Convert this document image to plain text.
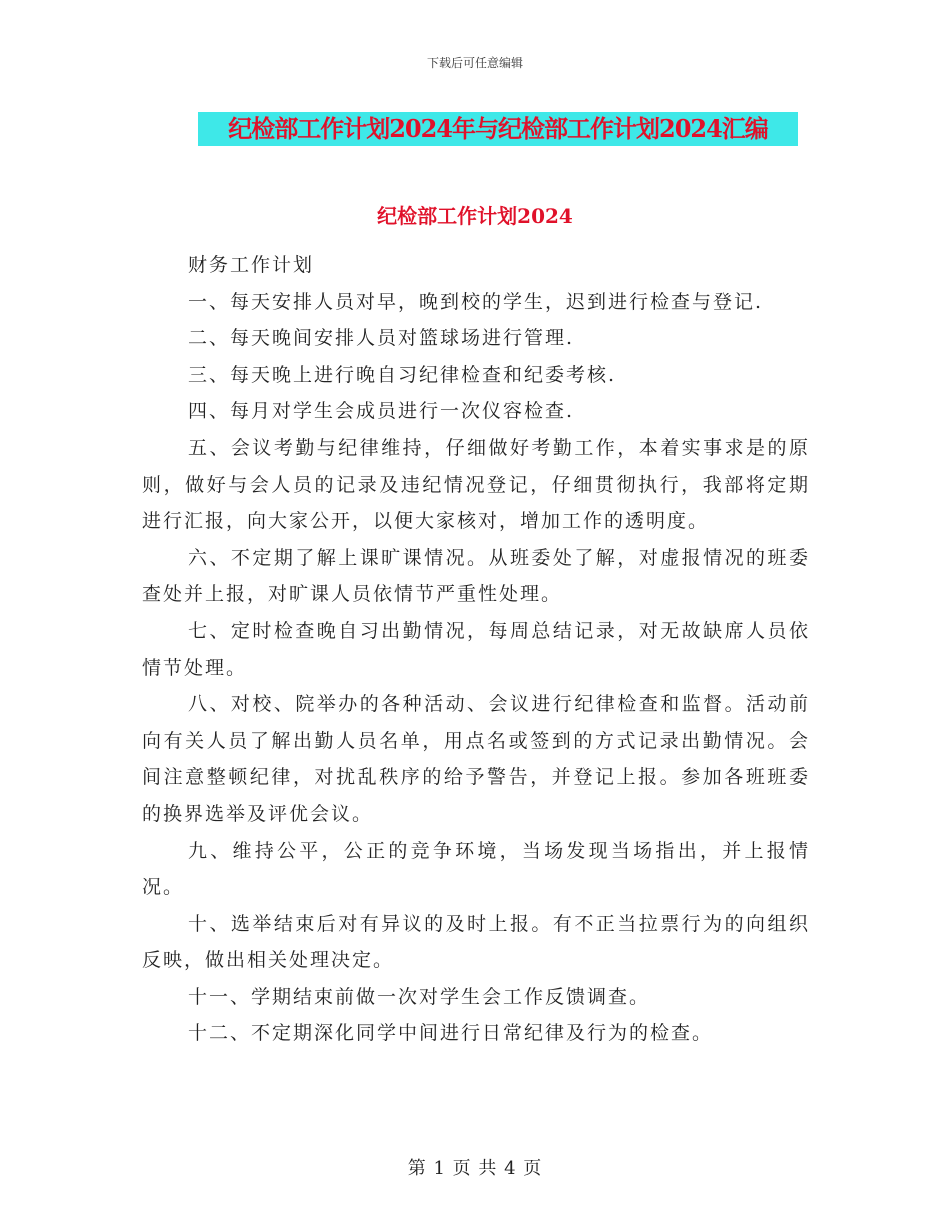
下载后可任意编辑
纪检部工作计划2024年与纪检部工作计划2024汇编
纪检部工作计划2024

财务工作计划

一、每天安排人员对早，晚到校的学生，迟到进行检查与登记.

二、每天晚间安排人员对篮球场进行管理.

三、每天晚上进行晚自习纪律检查和纪委考核.

四、每月对学生会成员进行一次仪容检查.

五、会议考勤与纪律维持，仔细做好考勤工作，本着实事求是的原则，做好与会人员的记录及违纪情况登记，仔细贯彻执行，我部将定期进行汇报，向大家公开，以便大家核对，增加工作的透明度。

六、不定期了解上课旷课情况。从班委处了解，对虚报情况的班委查处并上报，对旷课人员依情节严重性处理。

七、定时检查晚自习出勤情况，每周总结记录，对无故缺席人员依情节处理。

八、对校、院举办的各种活动、会议进行纪律检查和监督。活动前向有关人员了解出勤人员名单，用点名或签到的方式记录出勤情况。会间注意整顿纪律，对扰乱秩序的给予警告，并登记上报。参加各班班委的换界选举及评优会议。

九、维持公平，公正的竞争环境，当场发现当场指出，并上报情况。

十、选举结束后对有异议的及时上报。有不正当拉票行为的向组织反映，做出相关处理决定。

十一、学期结束前做一次对学生会工作反馈调查。

十二、不定期深化同学中间进行日常纪律及行为的检查。

第 1 页 共 4 页
